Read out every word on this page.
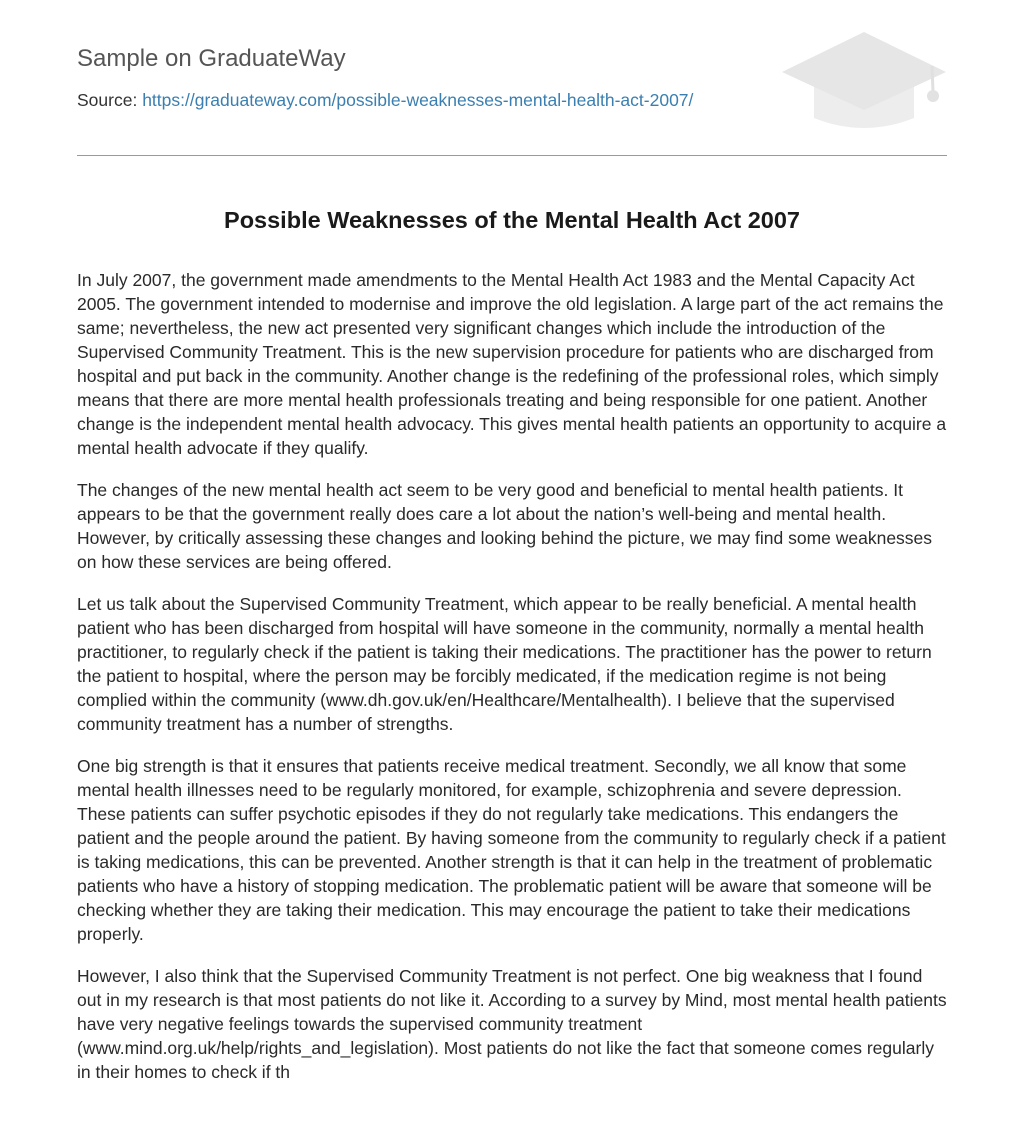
Sample on GraduateWay
Source: https://graduateway.com/possible-weaknesses-mental-health-act-2007/
Possible Weaknesses of the Mental Health Act 2007

In July 2007, the government made amendments to the Mental Health Act 1983 and the Mental Capacity Act 2005. The government intended to modernise and improve the old legislation. A large part of the act remains the same; nevertheless, the new act presented very significant changes which include the introduction of the Supervised Community Treatment. This is the new supervision procedure for patients who are discharged from hospital and put back in the community. Another change is the redefining of the professional roles, which simply means that there are more mental health professionals treating and being responsible for one patient. Another change is the independent mental health advocacy. This gives mental health patients an opportunity to acquire a mental health advocate if they qualify.

The changes of the new mental health act seem to be very good and beneficial to mental health patients. It appears to be that the government really does care a lot about the nation’s well-being and mental health. However, by critically assessing these changes and looking behind the picture, we may find some weaknesses on how these services are being offered.

Let us talk about the Supervised Community Treatment, which appear to be really beneficial. A mental health patient who has been discharged from hospital will have someone in the community, normally a mental health practitioner, to regularly check if the patient is taking their medications. The practitioner has the power to return the patient to hospital, where the person may be forcibly medicated, if the medication regime is not being complied within the community (www.dh.gov.uk/en/Healthcare/Mentalhealth). I believe that the supervised community treatment has a number of strengths.

One big strength is that it ensures that patients receive medical treatment. Secondly, we all know that some mental health illnesses need to be regularly monitored, for example, schizophrenia and severe depression. These patients can suffer psychotic episodes if they do not regularly take medications. This endangers the patient and the people around the patient. By having someone from the community to regularly check if a patient is taking medications, this can be prevented. Another strength is that it can help in the treatment of problematic patients who have a history of stopping medication. The problematic patient will be aware that someone will be checking whether they are taking their medication. This may encourage the patient to take their medications properly.

However, I also think that the Supervised Community Treatment is not perfect. One big weakness that I found out in my research is that most patients do not like it. According to a survey by Mind, most mental health patients have very negative feelings towards the supervised community treatment (www.mind.org.uk/help/rights_and_legislation). Most patients do not like the fact that someone comes regularly in their homes to check if th
